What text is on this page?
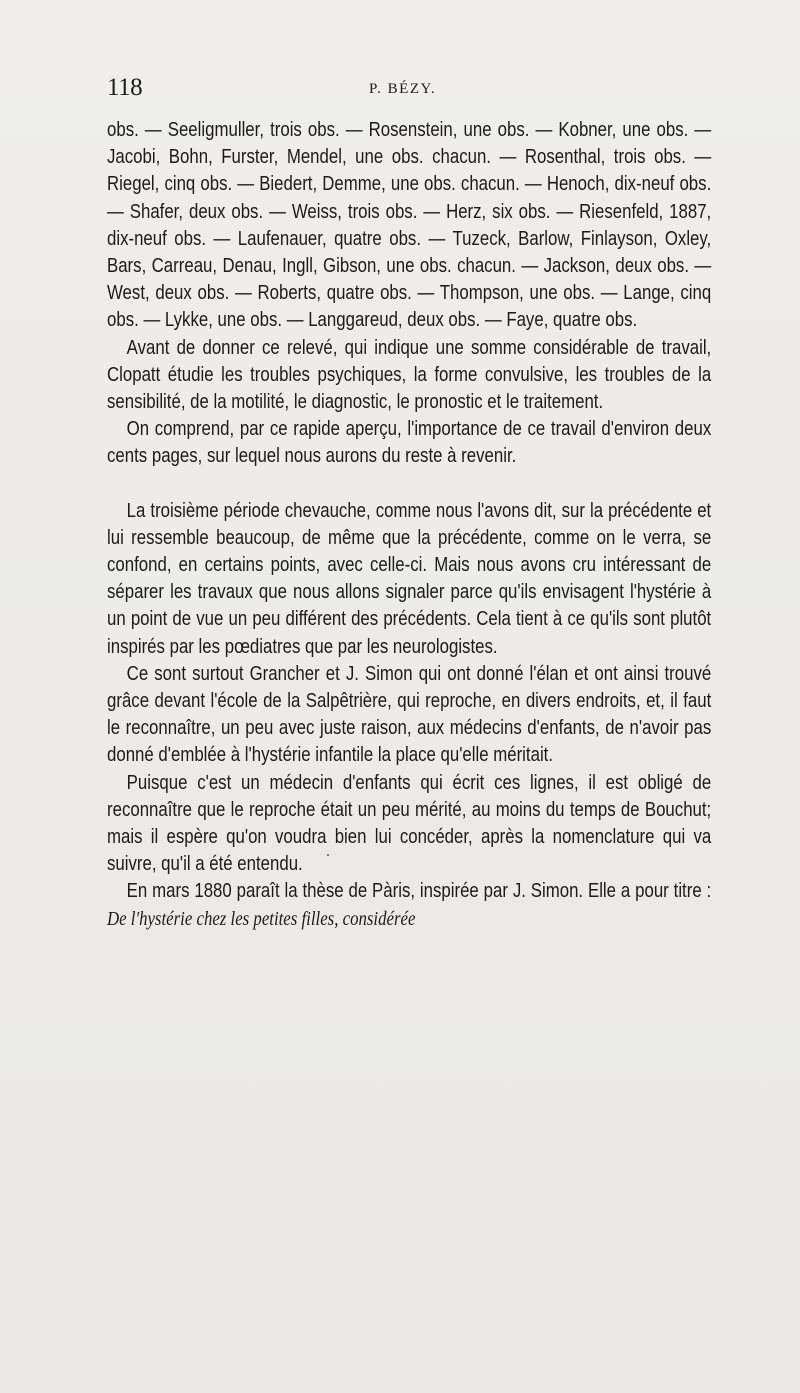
118	P. BÉZY.

obs. — Seeligmuller, trois obs. — Rosenstein, une obs. — Kobner, une obs. — Jacobi, Bohn, Furster, Mendel, une obs. chacun. — Rosenthal, trois obs. — Riegel, cinq obs. — Biedert, Demme, une obs. chacun. — Henoch, dix-neuf obs. — Shafer, deux obs. — Weiss, trois obs. — Herz, six obs. — Riesenfeld, 1887, dix-neuf obs. — Laufenauer, quatre obs. — Tuzeck, Barlow, Finlayson, Oxley, Bars, Carreau, Denau, Ingll, Gibson, une obs. chacun. — Jackson, deux obs. — West, deux obs. — Roberts, quatre obs. — Thompson, une obs. — Lange, cinq obs. — Lykke, une obs. — Langgareud, deux obs. — Faye, quatre obs.

Avant de donner ce relevé, qui indique une somme considérable de travail, Clopatt étudie les troubles psychiques, la forme convulsive, les troubles de la sensibilité, de la motilité, le diagnostic, le pronostic et le traitement.

On comprend, par ce rapide aperçu, l'importance de ce travail d'environ deux cents pages, sur lequel nous aurons du reste à revenir.

La troisième période chevauche, comme nous l'avons dit, sur la précédente et lui ressemble beaucoup, de même que la précédente, comme on le verra, se confond, en certains points, avec celle-ci. Mais nous avons cru intéressant de séparer les travaux que nous allons signaler parce qu'ils envisagent l'hystérie à un point de vue un peu différent des précédents. Cela tient à ce qu'ils sont plutôt inspirés par les pœdiatres que par les neurologistes.

Ce sont surtout Grancher et J. Simon qui ont donné l'élan et ont ainsi trouvé grâce devant l'école de la Salpêtrière, qui reproche, en divers endroits, et, il faut le reconnaître, un peu avec juste raison, aux médecins d'enfants, de n'avoir pas donné d'emblée à l'hystérie infantile la place qu'elle méritait.

Puisque c'est un médecin d'enfants qui écrit ces lignes, il est obligé de reconnaître que le reproche était un peu mérité, au moins du temps de Bouchut; mais il espère qu'on voudra bien lui concéder, après la nomenclature qui va suivre, qu'il a été entendu.

En mars 1880 paraît la thèse de Pàris, inspirée par J. Simon. Elle a pour titre : De l'hystérie chez les petites filles, considérée
